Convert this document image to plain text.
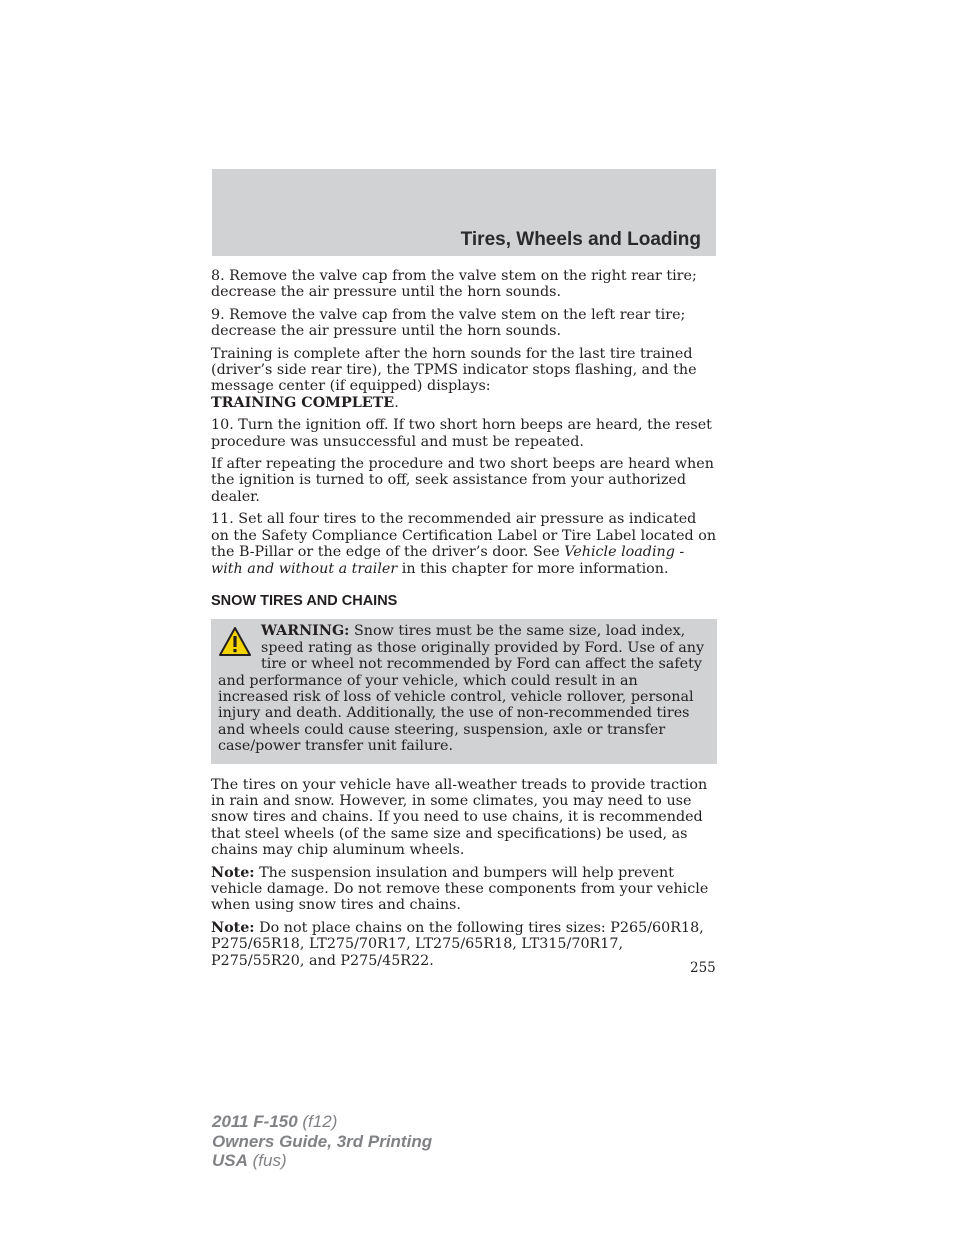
Tires, Wheels and Loading

8. Remove the valve cap from the valve stem on the right rear tire; decrease the air pressure until the horn sounds.

9. Remove the valve cap from the valve stem on the left rear tire; decrease the air pressure until the horn sounds.

Training is complete after the horn sounds for the last tire trained (driver’s side rear tire), the TPMS indicator stops flashing, and the message center (if equipped) displays:
TRAINING COMPLETE.

10. Turn the ignition off. If two short horn beeps are heard, the reset procedure was unsuccessful and must be repeated.

If after repeating the procedure and two short beeps are heard when the ignition is turned to off, seek assistance from your authorized dealer.

11. Set all four tires to the recommended air pressure as indicated on the Safety Compliance Certification Label or Tire Label located on the B-Pillar or the edge of the driver’s door. See Vehicle loading - with and without a trailer in this chapter for more information.

SNOW TIRES AND CHAINS
WARNING: Snow tires must be the same size, load index, speed rating as those originally provided by Ford. Use of any tire or wheel not recommended by Ford can affect the safety and performance of your vehicle, which could result in an increased risk of loss of vehicle control, vehicle rollover, personal injury and death. Additionally, the use of non-recommended tires and wheels could cause steering, suspension, axle or transfer case/power transfer unit failure.

The tires on your vehicle have all-weather treads to provide traction in rain and snow. However, in some climates, you may need to use snow tires and chains. If you need to use chains, it is recommended that steel wheels (of the same size and specifications) be used, as chains may chip aluminum wheels.

Note: The suspension insulation and bumpers will help prevent vehicle damage. Do not remove these components from your vehicle when using snow tires and chains.

Note: Do not place chains on the following tires sizes: P265/60R18, P275/65R18, LT275/70R17, LT275/65R18, LT315/70R17, P275/55R20, and P275/45R22.	255
2011 F-150 (f12)
Owners Guide, 3rd Printing
USA (fus)
